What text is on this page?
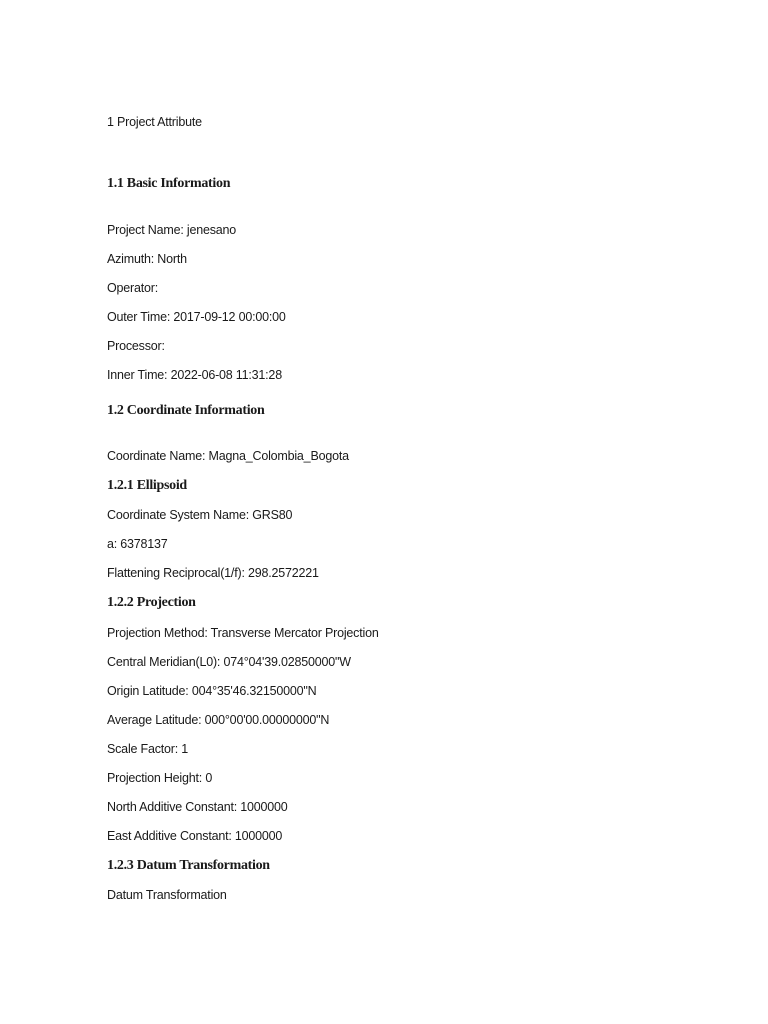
1 Project Attribute
1.1 Basic Information
Project Name: jenesano
Azimuth: North
Operator:
Outer Time: 2017-09-12 00:00:00
Processor:
Inner Time: 2022-06-08 11:31:28
1.2 Coordinate Information
Coordinate Name: Magna_Colombia_Bogota
1.2.1 Ellipsoid
Coordinate System Name: GRS80
a: 6378137
Flattening Reciprocal(1/f): 298.2572221
1.2.2 Projection
Projection Method: Transverse Mercator Projection
Central Meridian(L0): 074°04'39.02850000"W
Origin Latitude: 004°35'46.32150000"N
Average Latitude: 000°00'00.00000000"N
Scale Factor: 1
Projection Height: 0
North Additive Constant: 1000000
East Additive Constant: 1000000
1.2.3 Datum Transformation
Datum Transformation
